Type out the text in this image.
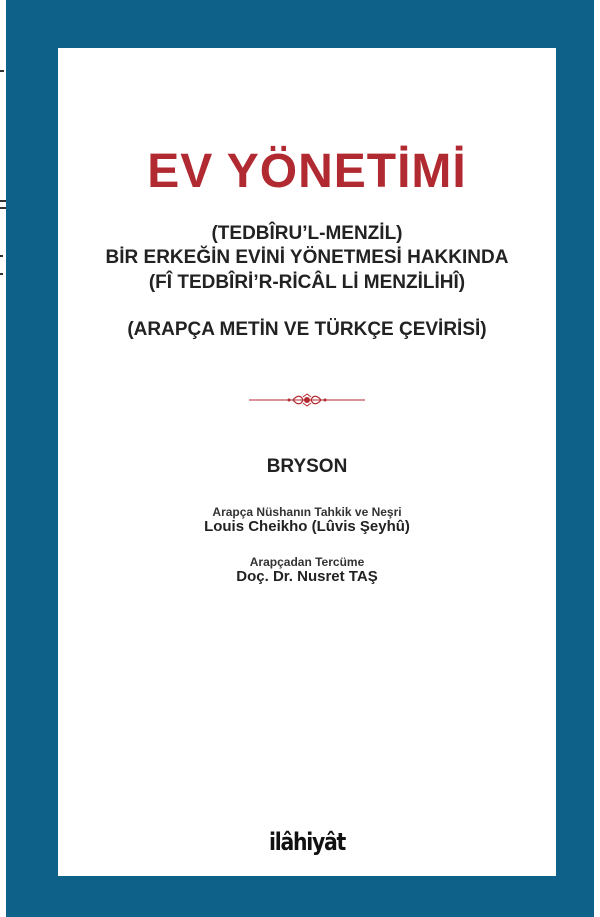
EV YÖNETİMİ
(TEDBÎRU’L-MENZİL)
BİR ERKEĞİN EVİNİ YÖNETMESİ HAKKINDA
(FÎ TEDBÎRİ’R-RİCÂL Lİ MENZİLİHÎ)
(ARAPÇA METİN VE TÜRKÇE ÇEVİRİSİ)
BRYSON
Arapça Nüshanın Tahkik ve Neşri
Louis Cheikho (Lûvis Şeyhû)
Arapçadan Tercüme
Doç. Dr. Nusret TAŞ
ilâhiyât
